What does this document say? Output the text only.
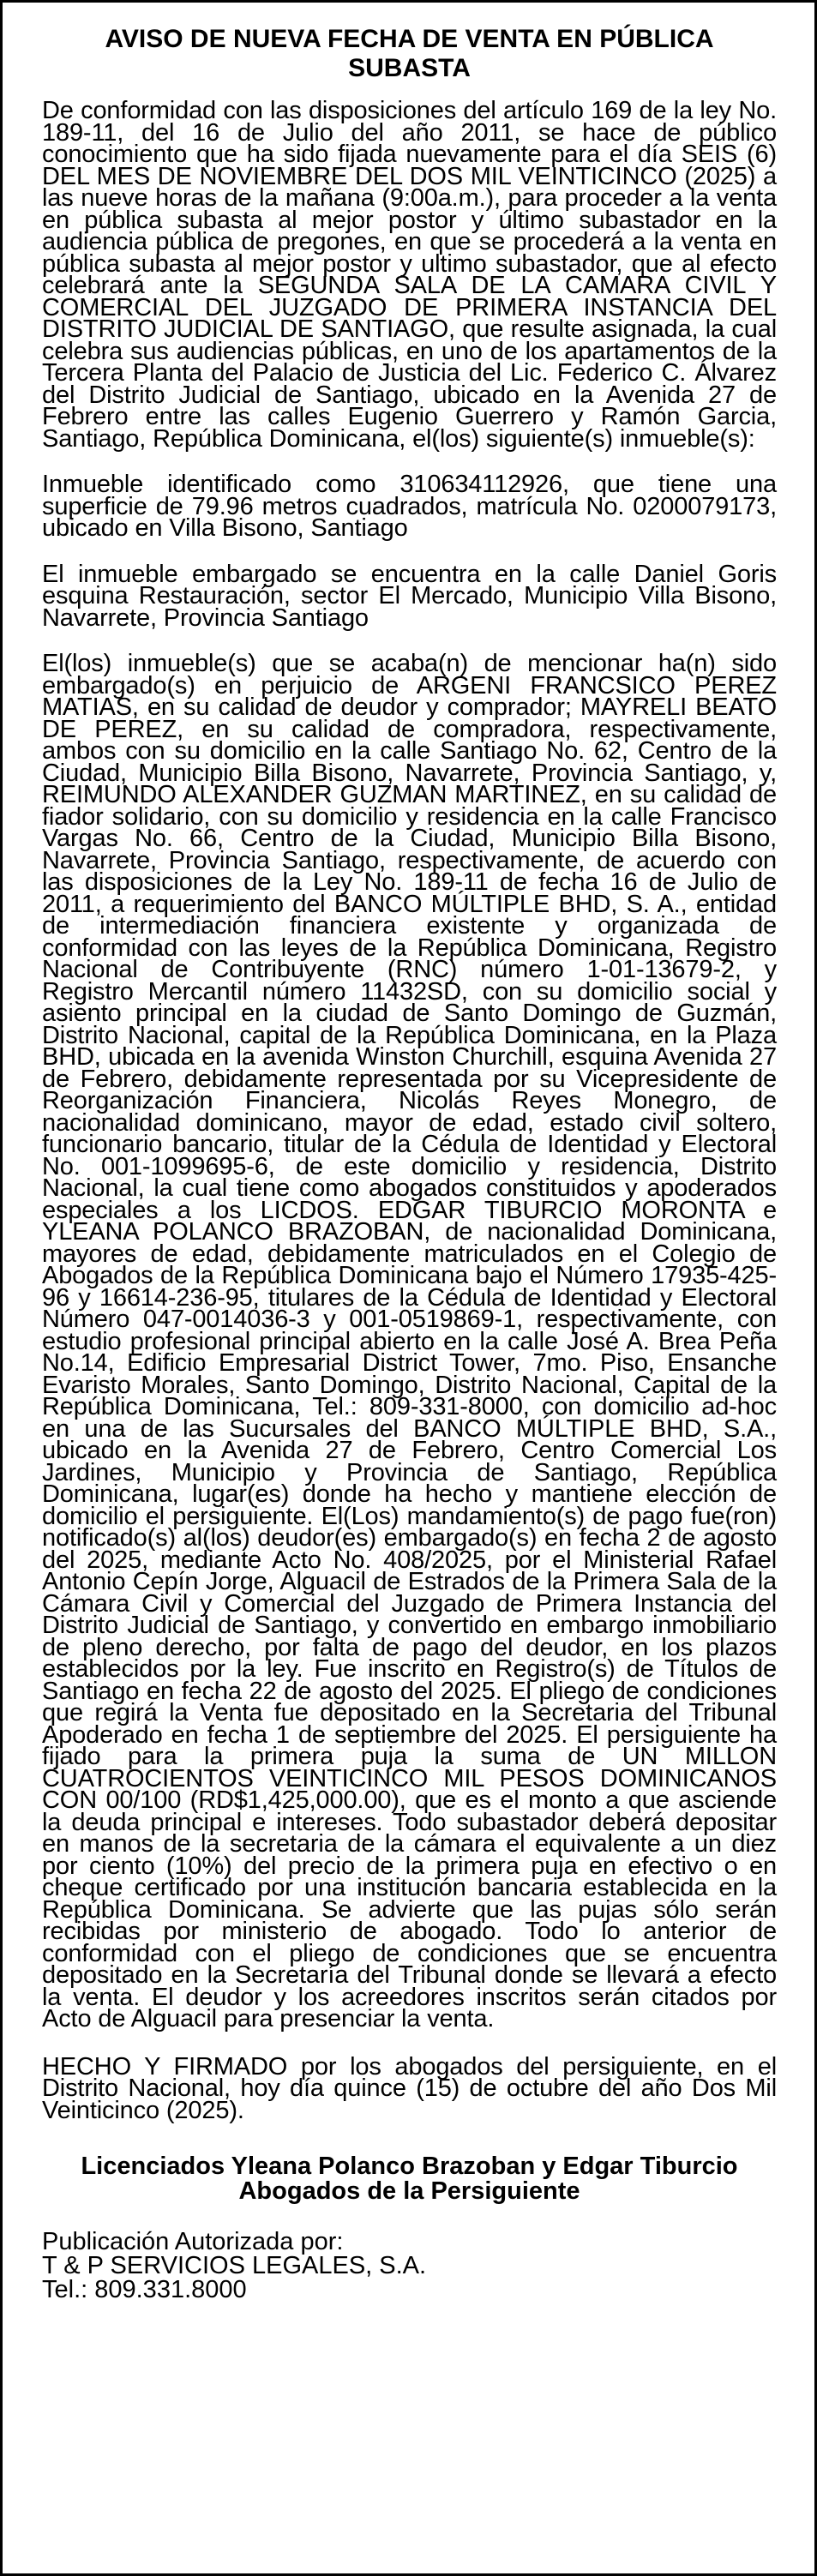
AVISO DE NUEVA FECHA DE VENTA EN PÚBLICA SUBASTA

De conformidad con las disposiciones del artículo 169 de la ley No. 189-11, del 16 de Julio del año 2011, se hace de público conocimiento que ha sido fijada nuevamente para el día SEIS (6) DEL MES DE NOVIEMBRE DEL DOS MIL VEINTICINCO (2025) a las nueve horas de la mañana (9:00a.m.), para proceder a la venta en pública subasta al mejor postor y último subastador en la audiencia pública de pregones, en que se procederá a la venta en pública subasta al mejor postor y ultimo subastador, que al efecto celebrará ante la SEGUNDA SALA DE LA CAMARA CIVIL Y COMERCIAL DEL JUZGADO DE PRIMERA INSTANCIA DEL DISTRITO JUDICIAL DE SANTIAGO, que resulte asignada, la cual celebra sus audiencias públicas, en uno de los apartamentos de la Tercera Planta del Palacio de Justicia del Lic. Federico C. Álvarez del Distrito Judicial de Santiago, ubicado en la Avenida 27 de Febrero entre las calles Eugenio Guerrero y Ramón Garcia, Santiago, República Dominicana, el(los) siguiente(s) inmueble(s):

Inmueble identificado como 310634112926, que tiene una superficie de 79.96 metros cuadrados, matrícula No. 0200079173, ubicado en Villa Bisono, Santiago

El inmueble embargado se encuentra en la calle Daniel Goris esquina Restauración, sector El Mercado, Municipio Villa Bisono, Navarrete, Provincia Santiago

El(los) inmueble(s) que se acaba(n) de mencionar ha(n) sido embargado(s) en perjuicio de ARGENI FRANCSICO PEREZ MATIAS, en su calidad de deudor y comprador; MAYRELI BEATO DE PEREZ, en su calidad de compradora, respectivamente, ambos con su domicilio en la calle Santiago No. 62, Centro de la Ciudad, Municipio Billa Bisono, Navarrete, Provincia Santiago, y, REIMUNDO ALEXANDER GUZMAN MARTINEZ, en su calidad de fiador solidario, con su domicilio y residencia en la calle Francisco Vargas No. 66, Centro de la Ciudad, Municipio Billa Bisono, Navarrete, Provincia Santiago, respectivamente, de acuerdo con las disposiciones de la Ley No. 189-11 de fecha 16 de Julio de 2011, a requerimiento del BANCO MÚLTIPLE BHD, S. A., entidad de intermediación financiera existente y organizada de conformidad con las leyes de la República Dominicana, Registro Nacional de Contribuyente (RNC) número 1-01-13679-2, y Registro Mercantil número 11432SD, con su domicilio social y asiento principal en la ciudad de Santo Domingo de Guzmán, Distrito Nacional, capital de la República Dominicana, en la Plaza BHD, ubicada en la avenida Winston Churchill, esquina Avenida 27 de Febrero, debidamente representada por su Vicepresidente de Reorganización Financiera, Nicolás Reyes Monegro, de nacionalidad dominicano, mayor de edad, estado civil soltero, funcionario bancario, titular de la Cédula de Identidad y Electoral No. 001-1099695-6, de este domicilio y residencia, Distrito Nacional, la cual tiene como abogados constituidos y apoderados especiales a los LICDOS. EDGAR TIBURCIO MORONTA e YLEANA POLANCO BRAZOBAN, de nacionalidad Dominicana, mayores de edad, debidamente matriculados en el Colegio de Abogados de la República Dominicana bajo el Número 17935-425-96 y 16614-236-95, titulares de la Cédula de Identidad y Electoral Número 047-0014036-3 y 001-0519869-1, respectivamente, con estudio profesional principal abierto en la calle José A. Brea Peña No.14, Edificio Empresarial District Tower, 7mo. Piso, Ensanche Evaristo Morales, Santo Domingo, Distrito Nacional, Capital de la República Dominicana, Tel.: 809-331-8000, con domicilio ad-hoc en una de las Sucursales del BANCO MÚLTIPLE BHD, S.A., ubicado en la Avenida 27 de Febrero, Centro Comercial Los Jardines, Municipio y Provincia de Santiago, República Dominicana, lugar(es) donde ha hecho y mantiene elección de domicilio el persiguiente. El(Los) mandamiento(s) de pago fue(ron) notificado(s) al(los) deudor(es) embargado(s) en fecha 2 de agosto del 2025, mediante Acto No. 408/2025, por el Ministerial Rafael Antonio Cepín Jorge, Alguacil de Estrados de la Primera Sala de la Cámara Civil y Comercial del Juzgado de Primera Instancia del Distrito Judicial de Santiago, y convertido en embargo inmobiliario de pleno derecho, por falta de pago del deudor, en los plazos establecidos por la ley. Fue inscrito en Registro(s) de Títulos de Santiago en fecha 22 de agosto del 2025. El pliego de condiciones que regirá la Venta fue depositado en la Secretaria del Tribunal Apoderado en fecha 1 de septiembre del 2025. El persiguiente ha fijado para la primera puja la suma de UN MILLON CUATROCIENTOS VEINTICINCO MIL PESOS DOMINICANOS CON 00/100 (RD$1,425,000.00), que es el monto a que asciende la deuda principal e intereses. Todo subastador deberá depositar en manos de la secretaria de la cámara el equivalente a un diez por ciento (10%) del precio de la primera puja en efectivo o en cheque certificado por una institución bancaria establecida en la República Dominicana. Se advierte que las pujas sólo serán recibidas por ministerio de abogado. Todo lo anterior de conformidad con el pliego de condiciones que se encuentra depositado en la Secretaría del Tribunal donde se llevará a efecto la venta. El deudor y los acreedores inscritos serán citados por Acto de Alguacil para presenciar la venta.

HECHO Y FIRMADO por los abogados del persiguiente, en el Distrito Nacional, hoy día quince (15) de octubre del año Dos Mil Veinticinco (2025).

Licenciados Yleana Polanco Brazoban y Edgar Tiburcio
Abogados de la Persiguiente
Publicación Autorizada por:
T & P SERVICIOS LEGALES, S.A.
Tel.: 809.331.8000
